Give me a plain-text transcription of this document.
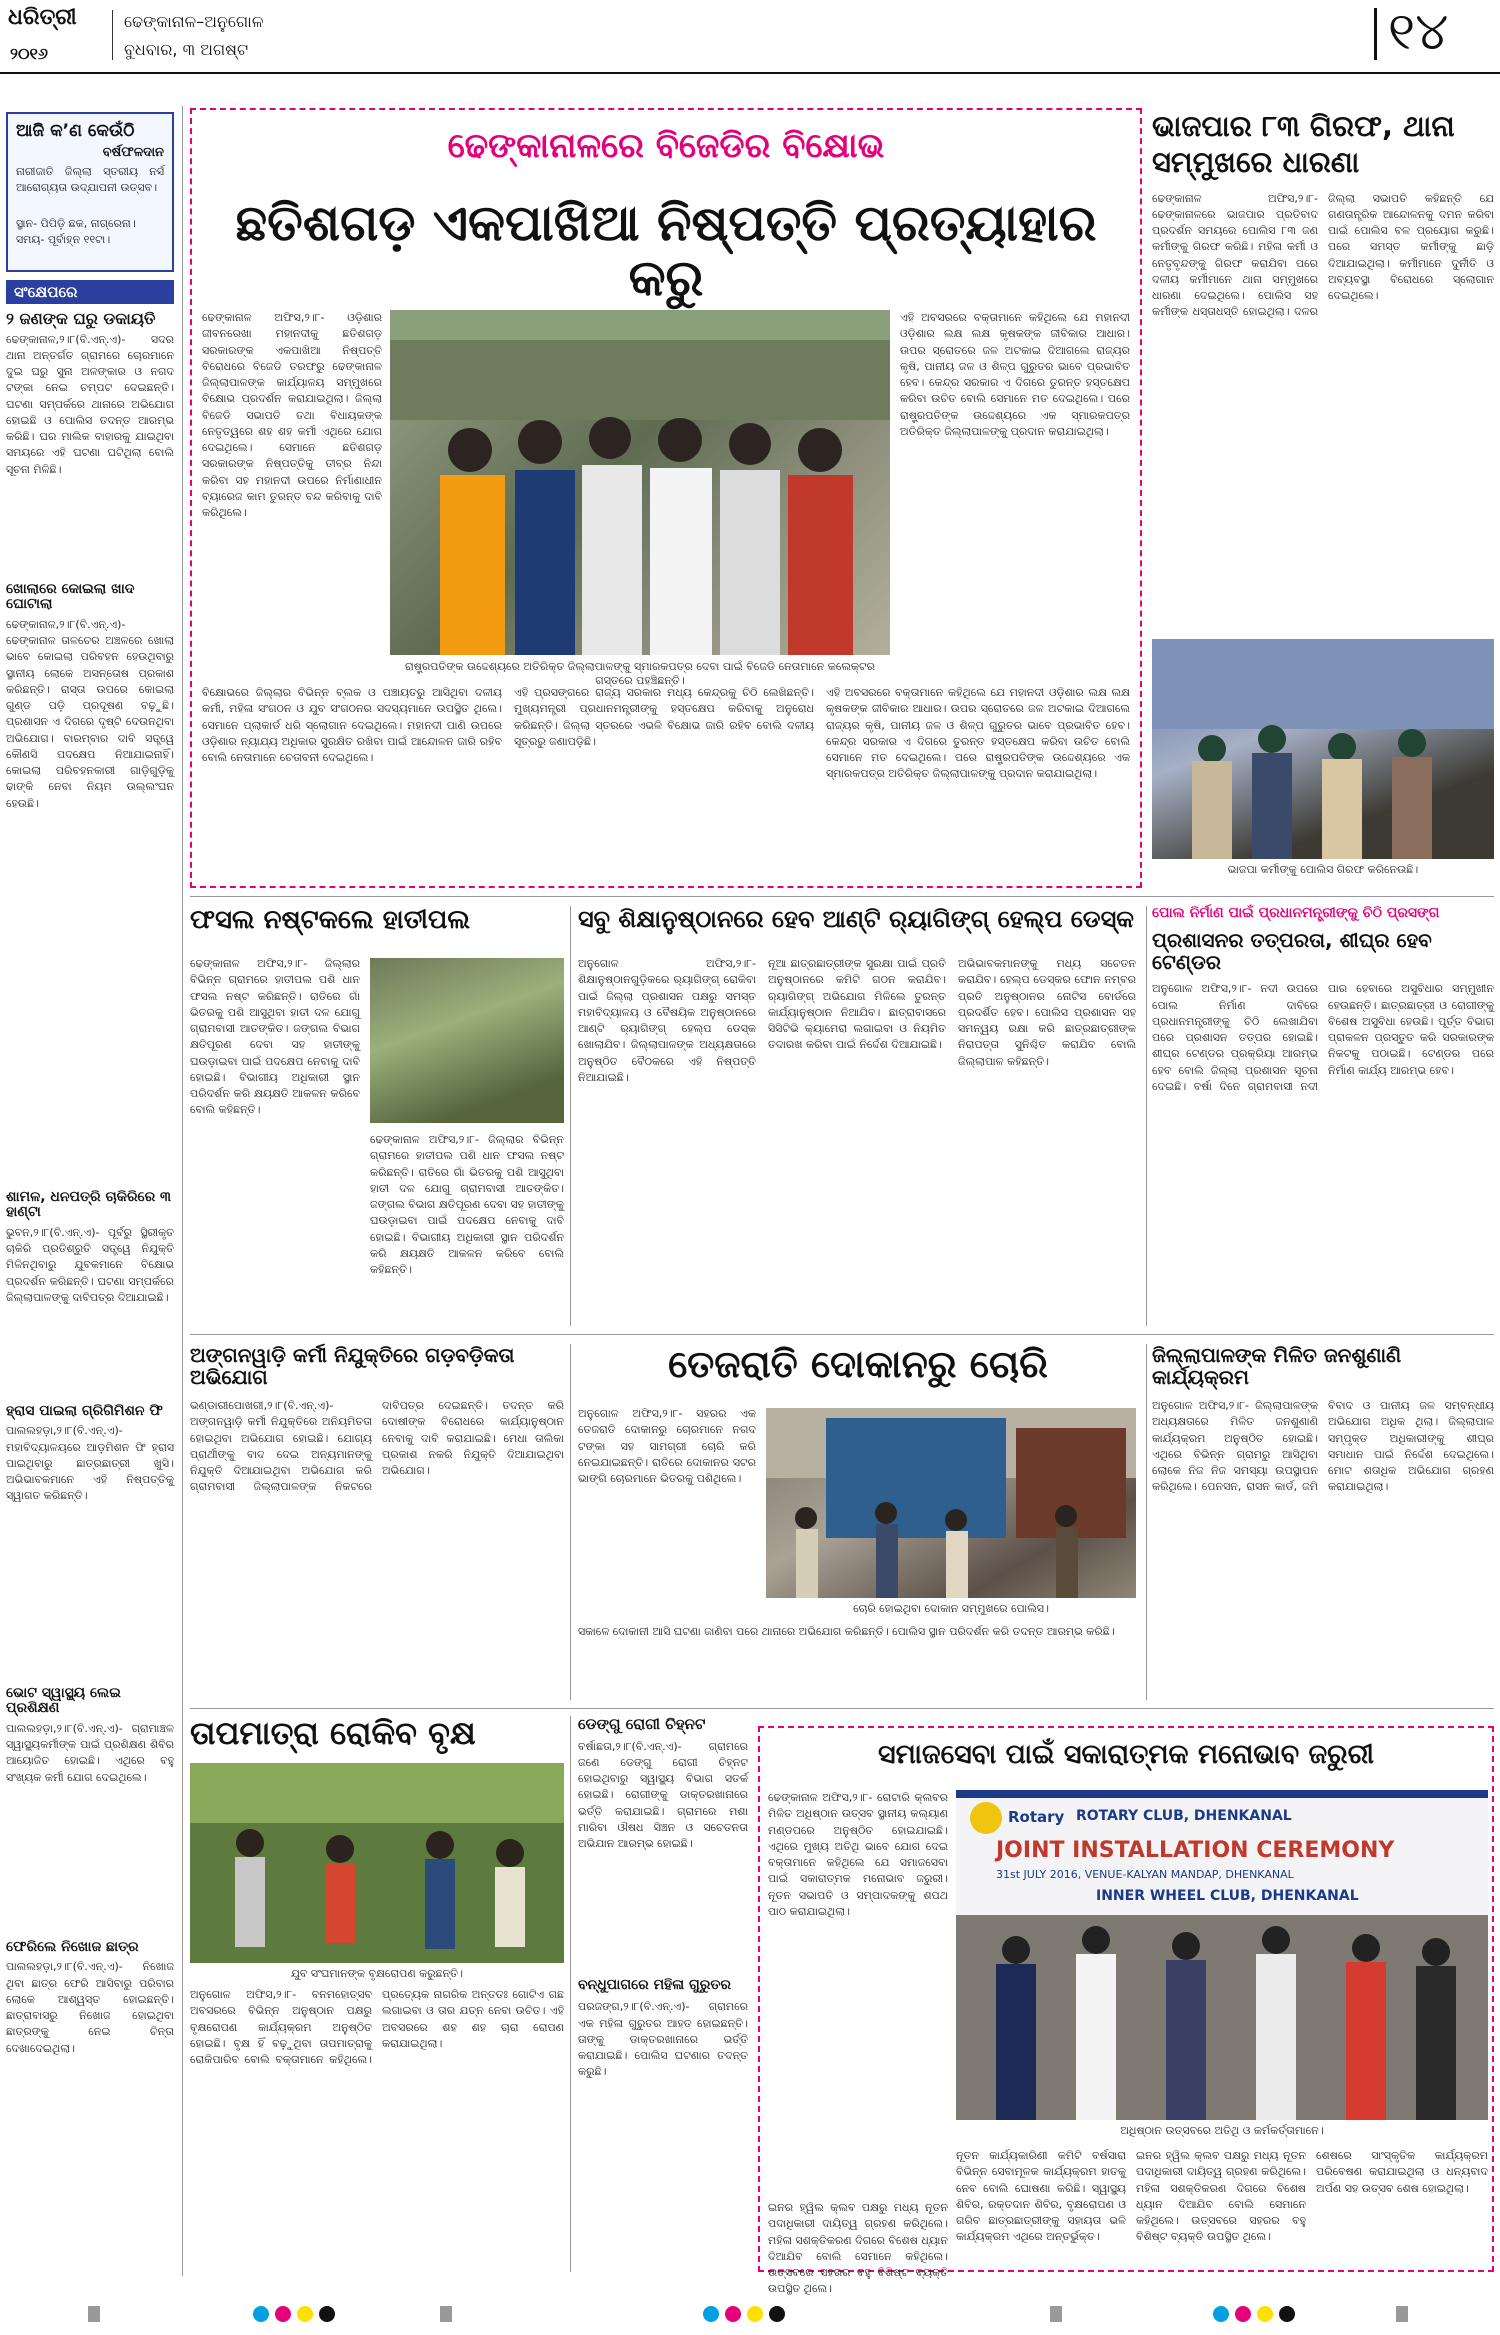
ଧରିତ୍ରୀ
୨୦୧୬
ଢେଙ୍କାନାଳ–ଅନୁଗୋଳ
ବୁଧବାର, ୩ ଅଗଷ୍ଟ	୧୪
ଆଜି କ’ଣ କେଉଁଠି
ବର୍ଷଫଳଦାନ
ନାରୀଜାତି ଜିଲ୍ଲା ସ୍ତରୀୟ ନର୍ସ ଆରୋଗ୍ୟତା ଉଦ୍ଯାପନୀ ଉତ୍ସବ।
ସ୍ଥାନ- ପିପିଡ଼ି ଛକ, ନାଗ୍ରେନା।
ସମୟ- ପୂର୍ବାହ୍ନ ୧୧ଟା।
ସଂକ୍ଷେପରେ
୨ ଜଣଙ୍କ ଘରୁ ଡକାୟତି
ଢେଙ୍କାନାଳ,୨।୮(ବି.ଏନ୍‌.ଏ)- ସଦର ଥାନା ଅନ୍ତର୍ଗତ ଗ୍ରାମରେ ଚୋରମାନେ ଦୁଇ ଘରୁ ସୁନା ଅଳଙ୍କାର ଓ ନଗଦ ଟଙ୍କା ନେଇ ଚମ୍ପଟ ଦେଇଛନ୍ତି। ଘଟଣା ସମ୍ପର୍କରେ ଥାନାରେ ଅଭିଯୋଗ ହୋଇଛି ଓ ପୋଲିସ ତଦନ୍ତ ଆରମ୍ଭ କରିଛି। ଘର ମାଲିକ ବାହାରକୁ ଯାଇଥିବା ସମୟରେ ଏହି ଘଟଣା ଘଟିଥିଲା ବୋଲି ସୂଚନା ମିଳିଛି।
ଖୋଲାରେ କୋଇଲା ଖାଦ ଘୋଟାଲା
ଢେଙ୍କାନାଳ,୨।୮(ବି.ଏନ୍‌.ଏ)- ଢେଙ୍କାନାଳ ତାଳଚେର ଅଞ୍ଚଳରେ ଖୋଲା ଭାବେ କୋଇଲା ପରିବହନ ହେଉଥିବାରୁ ସ୍ଥାନୀୟ ଲୋକେ ଅସନ୍ତୋଷ ପ୍ରକାଶ କରିଛନ୍ତି। ରାସ୍ତା ଉପରେ କୋଇଲା ଗୁଣ୍ଡ ପଡ଼ି ପ୍ରଦୂଷଣ ବଢ଼ୁଛି। ପ୍ରଶାସନ ଏ ଦିଗରେ ଦୃଷ୍ଟି ଦେଉନଥିବା ଅଭିଯୋଗ। ବାରମ୍ବାର ଦାବି ସତ୍ତ୍ୱେ କୌଣସି ପଦକ୍ଷେପ ନିଆଯାଇନାହିଁ। କୋଇଲା ପରିବହନକାରୀ ଗାଡ଼ିଗୁଡ଼ିକୁ ଢାଙ୍କି ନେବା ନିୟମ ଉଲ୍ଲଂଘନ ହେଉଛି।
ଶାମଳ, ଧନପତ୍ରି ଚାକିରିରେ ୩ ହାଣ୍ଟା
ଭୁବନ,୨।୮(ବି.ଏନ୍‌.ଏ)- ପୂର୍ବରୁ ସ୍ଥିରୀକୃତ ଚାକିରି ପ୍ରତିଶ୍ରୁତି ସତ୍ତ୍ୱେ ନିଯୁକ୍ତି ମିଳିନଥିବାରୁ ଯୁବକମାନେ ବିକ୍ଷୋଭ ପ୍ରଦର୍ଶନ କରିଛନ୍ତି। ଘଟଣା ସମ୍ପର୍କରେ ଜିଲ୍ଲାପାଳଙ୍କୁ ଦାବିପତ୍ର ଦିଆଯାଇଛି।
ହ୍ରାସ ପାଇଲା ଗ୍ରିଗିମିଶନ ଫି
ପାଲଲହଡ଼ା,୨।୮(ବି.ଏନ୍‌.ଏ)- ମହାବିଦ୍ୟାଳୟରେ ଆଡ଼ମିଶନ ଫି ହ୍ରାସ ପାଇଥିବାରୁ ଛାତ୍ରଛାତ୍ରୀ ଖୁସି। ଅଭିଭାବକମାନେ ଏହି ନିଷ୍ପତ୍ତିକୁ ସ୍ୱାଗତ କରିଛନ୍ତି।
ଭୋଟ ସ୍ୱାସ୍ଥ୍ୟ ଲେଇ ପ୍ରଶିକ୍ଷଣ
ପାଲଲହଡ଼ା,୨।୮(ବି.ଏନ୍‌.ଏ)- ଗ୍ରାମାଞ୍ଚଳ ସ୍ୱାସ୍ଥ୍ୟକର୍ମୀଙ୍କ ପାଇଁ ପ୍ରଶିକ୍ଷଣ ଶିବିର ଆୟୋଜିତ ହୋଇଛି। ଏଥିରେ ବହୁ ସଂଖ୍ୟକ କର୍ମୀ ଯୋଗ ଦେଇଥିଲେ।
ଫେରିଲେ ନିଖୋଜ ଛାତ୍ର
ପାଲଲହଡ଼ା,୨।୮(ବି.ଏନ୍‌.ଏ)- ନିଖୋଜ ଥିବା ଛାତ୍ର ଫେରି ଆସିବାରୁ ପରିବାର ଲୋକେ ଆଶ୍ୱସ୍ତ ହୋଇଛନ୍ତି। ଛାତ୍ରାବାସରୁ ନିଖୋଜ ହୋଇଥିବା ଛାତ୍ରଙ୍କୁ ନେଇ ଚିନ୍ତା ଦେଖାଦେଇଥିଲା।
ଢେଙ୍କାନାଳରେ ବିଜେଡିର ବିକ୍ଷୋଭ
ଛତିଶଗଡ଼ ଏକପାଖିଆ ନିଷ୍ପତ୍ତି ପ୍ରତ୍ୟାହାର କରୁ
ଢେଙ୍କାନାଳ ଅଫିସ,୨।୮- ଓଡ଼ିଶାର ଜୀବନରେଖା ମହାନଦୀକୁ ଛତିଶଗଡ଼ ସରକାରଙ୍କ ଏକପାଖିଆ ନିଷ୍ପତ୍ତି ବିରୋଧରେ ବିଜେଡି ତରଫରୁ ଢେଙ୍କାନାଳ ଜିଲ୍ଲାପାଳଙ୍କ କାର୍ଯ୍ୟାଳୟ ସମ୍ମୁଖରେ ବିକ୍ଷୋଭ ପ୍ରଦର୍ଶନ କରାଯାଇଥିଲା। ଜିଲ୍ଲା ବିଜେଡି ସଭାପତି ତଥା ବିଧାୟକଙ୍କ ନେତୃତ୍ୱରେ ଶହ ଶହ କର୍ମୀ ଏଥିରେ ଯୋଗ ଦେଇଥିଲେ। ସେମାନେ ଛତିଶଗଡ଼ ସରକାରଙ୍କ ନିଷ୍ପତ୍ତିକୁ ତୀବ୍ର ନିନ୍ଦା କରିବା ସହ ମହାନଦୀ ଉପରେ ନିର୍ମାଣାଧୀନ ବ୍ୟାରେଜ କାମ ତୁରନ୍ତ ବନ୍ଦ କରିବାକୁ ଦାବି କରିଥିଲେ।
ରାଷ୍ଟ୍ରପତିଙ୍କ ଉଦ୍ଦେଶ୍ୟରେ ଅତିରିକ୍ତ ଜିଲ୍ଲାପାଳଙ୍କୁ ସ୍ମାରକପତ୍ର ଦେବା ପାଇଁ ବିଜେଡି ନେତାମାନେ କଲେକ୍ଟର ଗସ୍ତରେ ପହଞ୍ଚିଛନ୍ତି।
ଏହି ଅବସରରେ ବକ୍ତାମାନେ କହିଥିଲେ ଯେ ମହାନଦୀ ଓଡ଼ିଶାର ଲକ୍ଷ ଲକ୍ଷ କୃଷକଙ୍କ ଜୀବିକାର ଆଧାର। ଉପର ସ୍ରୋତରେ ଜଳ ଅଟକାଇ ଦିଆଗଲେ ରାଜ୍ୟର କୃଷି, ପାନୀୟ ଜଳ ଓ ଶିଳ୍ପ ଗୁରୁତର ଭାବେ ପ୍ରଭାବିତ ହେବ। କେନ୍ଦ୍ର ସରକାର ଏ ଦିଗରେ ତୁରନ୍ତ ହସ୍ତକ୍ଷେପ କରିବା ଉଚିତ ବୋଲି ସେମାନେ ମତ ଦେଇଥିଲେ। ପରେ ରାଷ୍ଟ୍ରପତିଙ୍କ ଉଦ୍ଦେଶ୍ୟରେ ଏକ ସ୍ମାରକପତ୍ର ଅତିରିକ୍ତ ଜିଲ୍ଲାପାଳଙ୍କୁ ପ୍ରଦାନ କରାଯାଇଥିଲା।
ବିକ୍ଷୋଭରେ ଜିଲ୍ଲାର ବିଭିନ୍ନ ବ୍ଲକ ଓ ପଞ୍ଚାୟତରୁ ଆସିଥିବା ଦଳୀୟ କର୍ମୀ, ମହିଳା ସଂଗଠନ ଓ ଯୁବ ସଂଗଠନର ସଦସ୍ୟମାନେ ଉପସ୍ଥିତ ଥିଲେ। ସେମାନେ ପ୍ଲାକାର୍ଡ ଧରି ସ୍ଲୋଗାନ ଦେଇଥିଲେ। ମହାନଦୀ ପାଣି ଉପରେ ଓଡ଼ିଶାର ନ୍ୟାଯ୍ୟ ଅଧିକାର ସୁରକ୍ଷିତ ରଖିବା ପାଇଁ ଆନ୍ଦୋଳନ ଜାରି ରହିବ ବୋଲି ନେତାମାନେ ଚେତାବନୀ ଦେଇଥିଲେ।
ଏହି ପ୍ରସଙ୍ଗରେ ରାଜ୍ୟ ସରକାର ମଧ୍ୟ କେନ୍ଦ୍ରକୁ ଚିଠି ଲେଖିଛନ୍ତି। ମୁଖ୍ୟମନ୍ତ୍ରୀ ପ୍ରଧାନମନ୍ତ୍ରୀଙ୍କୁ ହସ୍ତକ୍ଷେପ କରିବାକୁ ଅନୁରୋଧ କରିଛନ୍ତି। ଜିଲ୍ଲା ସ୍ତରରେ ଏଭଳି ବିକ୍ଷୋଭ ଜାରି ରହିବ ବୋଲି ଦଳୀୟ ସୂତ୍ରରୁ ଜଣାପଡ଼ିଛି।
ଏହି ଅବସରରେ ବକ୍ତାମାନେ କହିଥିଲେ ଯେ ମହାନଦୀ ଓଡ଼ିଶାର ଲକ୍ଷ ଲକ୍ଷ କୃଷକଙ୍କ ଜୀବିକାର ଆଧାର। ଉପର ସ୍ରୋତରେ ଜଳ ଅଟକାଇ ଦିଆଗଲେ ରାଜ୍ୟର କୃଷି, ପାନୀୟ ଜଳ ଓ ଶିଳ୍ପ ଗୁରୁତର ଭାବେ ପ୍ରଭାବିତ ହେବ। କେନ୍ଦ୍ର ସରକାର ଏ ଦିଗରେ ତୁରନ୍ତ ହସ୍ତକ୍ଷେପ କରିବା ଉଚିତ ବୋଲି ସେମାନେ ମତ ଦେଇଥିଲେ। ପରେ ରାଷ୍ଟ୍ରପତିଙ୍କ ଉଦ୍ଦେଶ୍ୟରେ ଏକ ସ୍ମାରକପତ୍ର ଅତିରିକ୍ତ ଜିଲ୍ଲାପାଳଙ୍କୁ ପ୍ରଦାନ କରାଯାଇଥିଲା।
ଭାଜପାର ୮୩ ଗିରଫ, ଥାନା ସମ୍ମୁଖରେ ଧାରଣା
ଢେଙ୍କାନାଳ ଅଫିସ,୨।୮- ଢେଙ୍କାନାଳରେ ଭାଜପାର ପ୍ରତିବାଦ ପ୍ରଦର୍ଶନ ସମୟରେ ପୋଲିସ ୮୩ ଜଣ କର୍ମୀଙ୍କୁ ଗିରଫ କରିଛି। ମହିଳା କର୍ମୀ ଓ ନେତୃବୃନ୍ଦଙ୍କୁ ଗିରଫ କରାଯିବା ପରେ ଦଳୀୟ କର୍ମୀମାନେ ଥାନା ସମ୍ମୁଖରେ ଧାରଣା ଦେଇଥିଲେ। ପୋଲିସ ସହ କର୍ମୀଙ୍କ ଧସ୍ତାଧସ୍ତି ହୋଇଥିଲା। ଦଳର ଜିଲ୍ଲା ସଭାପତି କହିଛନ୍ତି ଯେ ଗଣତାନ୍ତ୍ରିକ ଆନ୍ଦୋଳନକୁ ଦମନ କରିବା ପାଇଁ ପୋଲିସ ବଳ ପ୍ରୟୋଗ କରୁଛି। ପରେ ସମସ୍ତ କର୍ମୀଙ୍କୁ ଛାଡ଼ି ଦିଆଯାଇଥିଲା। କର୍ମୀମାନେ ଦୁର୍ନୀତି ଓ ଅବ୍ୟବସ୍ଥା ବିରୋଧରେ ସ୍ଲୋଗାନ ଦେଇଥିଲେ।
ଭାଜପା କର୍ମୀଙ୍କୁ ପୋଲିସ ଗିରଫ କରିନେଉଛି।
ଫସଲ ନଷ୍ଟକଲେ ହାତୀପଲ
ଢେଙ୍କାନାଳ ଅଫିସ,୨।୮- ଜିଲ୍ଲାର ବିଭିନ୍ନ ଗ୍ରାମରେ ହାତୀପଲ ପଶି ଧାନ ଫସଲ ନଷ୍ଟ କରିଛନ୍ତି। ରାତିରେ ଗାଁ ଭିତରକୁ ପଶି ଆସୁଥିବା ହାତୀ ଦଳ ଯୋଗୁ ଗ୍ରାମବାସୀ ଆତଙ୍କିତ। ଜଙ୍ଗଲ ବିଭାଗ କ୍ଷତିପୂରଣ ଦେବା ସହ ହାତୀଙ୍କୁ ଘଉଡ଼ାଇବା ପାଇଁ ପଦକ୍ଷେପ ନେବାକୁ ଦାବି ହୋଇଛି। ବିଭାଗୀୟ ଅଧିକାରୀ ସ୍ଥାନ ପରିଦର୍ଶନ କରି କ୍ଷୟକ୍ଷତି ଆକଳନ କରିବେ ବୋଲି କହିଛନ୍ତି।
ଢେଙ୍କାନାଳ ଅଫିସ,୨।୮- ଜିଲ୍ଲାର ବିଭିନ୍ନ ଗ୍ରାମରେ ହାତୀପଲ ପଶି ଧାନ ଫସଲ ନଷ୍ଟ କରିଛନ୍ତି। ରାତିରେ ଗାଁ ଭିତରକୁ ପଶି ଆସୁଥିବା ହାତୀ ଦଳ ଯୋଗୁ ଗ୍ରାମବାସୀ ଆତଙ୍କିତ। ଜଙ୍ଗଲ ବିଭାଗ କ୍ଷତିପୂରଣ ଦେବା ସହ ହାତୀଙ୍କୁ ଘଉଡ଼ାଇବା ପାଇଁ ପଦକ୍ଷେପ ନେବାକୁ ଦାବି ହୋଇଛି। ବିଭାଗୀୟ ଅଧିକାରୀ ସ୍ଥାନ ପରିଦର୍ଶନ କରି କ୍ଷୟକ୍ଷତି ଆକଳନ କରିବେ ବୋଲି କହିଛନ୍ତି।
ସବୁ ଶିକ୍ଷାନୁଷ୍ଠାନରେ ହେବ ଆଣ୍ଟି ର‍୍ୟାଗିଙ୍ଗ୍ ହେଲ୍ପ ଡେସ୍କ
ଅନୁଗୋଳ ଅଫିସ,୨।୮- ଶିକ୍ଷାନୁଷ୍ଠାନଗୁଡ଼ିକରେ ର‍୍ୟାଗିଙ୍ଗ୍ ରୋକିବା ପାଇଁ ଜିଲ୍ଲା ପ୍ରଶାସନ ପକ୍ଷରୁ ସମସ୍ତ ମହାବିଦ୍ୟାଳୟ ଓ ବୈଷୟିକ ଅନୁଷ୍ଠାନରେ ଆଣ୍ଟି ର‍୍ୟାଗିଙ୍ଗ୍ ହେଲ୍ପ ଡେସ୍କ ଖୋଲାଯିବ। ଜିଲ୍ଲାପାଳଙ୍କ ଅଧ୍ୟକ୍ଷତାରେ ଅନୁଷ୍ଠିତ ବୈଠକରେ ଏହି ନିଷ୍ପତ୍ତି ନିଆଯାଇଛି।
ନୂଆ ଛାତ୍ରଛାତ୍ରୀଙ୍କ ସୁରକ୍ଷା ପାଇଁ ପ୍ରତି ଅନୁଷ୍ଠାନରେ କମିଟି ଗଠନ କରାଯିବ। ର‍୍ୟାଗିଙ୍ଗ୍ ଅଭିଯୋଗ ମିଳିଲେ ତୁରନ୍ତ କାର୍ଯ୍ୟାନୁଷ୍ଠାନ ନିଆଯିବ। ଛାତ୍ରାବାସରେ ସିସିଟିଭି କ୍ୟାମେରା ଲଗାଇବା ଓ ନିୟମିତ ତଦାରଖ କରିବା ପାଇଁ ନିର୍ଦ୍ଦେଶ ଦିଆଯାଇଛି।
ଅଭିଭାବକମାନଙ୍କୁ ମଧ୍ୟ ସଚେତନ କରାଯିବ। ହେଲ୍ପ ଡେସ୍କର ଫୋନ ନମ୍ବର ପ୍ରତି ଅନୁଷ୍ଠାନର ନୋଟିସ ବୋର୍ଡରେ ପ୍ରଦର୍ଶିତ ହେବ। ପୋଲିସ ପ୍ରଶାସନ ସହ ସମନ୍ୱୟ ରକ୍ଷା କରି ଛାତ୍ରଛାତ୍ରୀଙ୍କ ନିରାପତ୍ତା ସୁନିଶ୍ଚିତ କରାଯିବ ବୋଲି ଜିଲ୍ଲାପାଳ କହିଛନ୍ତି।
ପୋଲ ନିର୍ମାଣ ପାଇଁ ପ୍ରଧାନମନ୍ତ୍ରୀଙ୍କୁ ଚିଠି ପ୍ରସଙ୍ଗ
ପ୍ରଶାସନର ତତ୍ପରତା, ଶୀଘ୍ର ହେବ ଟେଣ୍ଡର
ଅନୁଗୋଳ ଅଫିସ,୨।୮- ନଦୀ ଉପରେ ପୋଲ ନିର୍ମାଣ ଦାବିରେ ପ୍ରଧାନମନ୍ତ୍ରୀଙ୍କୁ ଚିଠି ଲେଖାଯିବା ପରେ ପ୍ରଶାସନ ତତ୍ପର ହୋଇଛି। ଶୀଘ୍ର ଟେଣ୍ଡର ପ୍ରକ୍ରିୟା ଆରମ୍ଭ ହେବ ବୋଲି ଜିଲ୍ଲା ପ୍ରଶାସନ ସୂଚନା ଦେଇଛି। ବର୍ଷା ଦିନେ ଗ୍ରାମବାସୀ ନଦୀ ପାର ହେବାରେ ଅସୁବିଧାର ସମ୍ମୁଖୀନ ହେଉଛନ୍ତି। ଛାତ୍ରଛାତ୍ରୀ ଓ ରୋଗୀଙ୍କୁ ବିଶେଷ ଅସୁବିଧା ହେଉଛି। ପୂର୍ତ୍ତ ବିଭାଗ ପ୍ରାକଳନ ପ୍ରସ୍ତୁତ କରି ସରକାରଙ୍କ ନିକଟକୁ ପଠାଇଛି। ଟେଣ୍ଡର ପରେ ନିର୍ମାଣ କାର୍ଯ୍ୟ ଆରମ୍ଭ ହେବ।
ଅଙ୍ଗନୱାଡ଼ି କର୍ମୀ ନିଯୁକ୍ତିରେ ଗଡ଼ବଡ଼ିକତା ଅଭିଯୋଗ
ଭଣ୍ଡାରୀପୋଖରୀ,୨।୮(ବି.ଏନ୍‌.ଏ)- ଅଙ୍ଗନୱାଡ଼ି କର୍ମୀ ନିଯୁକ୍ତିରେ ଅନିୟମିତତା ହୋଇଥିବା ଅଭିଯୋଗ ହୋଇଛି। ଯୋଗ୍ୟ ପ୍ରାର୍ଥୀଙ୍କୁ ବାଦ ଦେଇ ଅନ୍ୟମାନଙ୍କୁ ନିଯୁକ୍ତି ଦିଆଯାଇଥିବା ଅଭିଯୋଗ କରି ଗ୍ରାମବାସୀ ଜିଲ୍ଲାପାଳଙ୍କ ନିକଟରେ ଦାବିପତ୍ର ଦେଇଛନ୍ତି। ତଦନ୍ତ କରି ଦୋଷୀଙ୍କ ବିରୋଧରେ କାର୍ଯ୍ୟାନୁଷ୍ଠାନ ନେବାକୁ ଦାବି କରାଯାଇଛି। ମେଧା ତାଲିକା ପ୍ରକାଶ ନକରି ନିଯୁକ୍ତି ଦିଆଯାଇଥିବା ଅଭିଯୋଗ।
ତେଜରାତି ଦୋକାନରୁ ଚୋରି
ଅନୁଗୋଳ ଅଫିସ,୨।୮- ସହରର ଏକ ତେଜରାତି ଦୋକାନରୁ ଚୋରମାନେ ନଗଦ ଟଙ୍କା ସହ ସାମଗ୍ରୀ ଚୋରି କରି ନେଇଯାଇଛନ୍ତି। ରାତିରେ ଦୋକାନର ସଟର ଭାଙ୍ଗି ଚୋରମାନେ ଭିତରକୁ ପଶିଥିଲେ।
ଚୋରି ହୋଇଥିବା ଦୋକାନ ସମ୍ମୁଖରେ ପୋଲିସ।
ସକାଳେ ଦୋକାନୀ ଆସି ଘଟଣା ଜାଣିବା ପରେ ଥାନାରେ ଅଭିଯୋଗ କରିଛନ୍ତି। ପୋଲିସ ସ୍ଥାନ ପରିଦର୍ଶନ କରି ତଦନ୍ତ ଆରମ୍ଭ କରିଛି।
ଜିଲ୍ଲାପାଳଙ୍କ ମିଳିତ ଜନଶୁଣାଣି କାର୍ଯ୍ୟକ୍ରମ
ଅନୁଗୋଳ ଅଫିସ,୨।୮- ଜିଲ୍ଲାପାଳଙ୍କ ଅଧ୍ୟକ୍ଷତାରେ ମିଳିତ ଜନଶୁଣାଣି କାର୍ଯ୍ୟକ୍ରମ ଅନୁଷ୍ଠିତ ହୋଇଛି। ଏଥିରେ ବିଭିନ୍ନ ଗ୍ରାମରୁ ଆସିଥିବା ଲୋକେ ନିଜ ନିଜ ସମସ୍ୟା ଉପସ୍ଥାପନ କରିଥିଲେ। ପେନସନ, ରାସନ କାର୍ଡ, ଜମି ବିବାଦ ଓ ପାନୀୟ ଜଳ ସମ୍ବନ୍ଧୀୟ ଅଭିଯୋଗ ଅଧିକ ଥିଲା। ଜିଲ୍ଲାପାଳ ସମ୍ପୃକ୍ତ ଅଧିକାରୀଙ୍କୁ ଶୀଘ୍ର ସମାଧାନ ପାଇଁ ନିର୍ଦ୍ଦେଶ ଦେଇଥିଲେ। ମୋଟ ଶତାଧିକ ଅଭିଯୋଗ ଗ୍ରହଣ କରାଯାଇଥିଲା।
ତାପମାତ୍ରା ରୋକିବ ବୃକ୍ଷ
ଯୁବ ସଂଘମାନଙ୍କ ବୃକ୍ଷରୋପଣ କରୁଛନ୍ତି।
ଅନୁଗୋଳ ଅଫିସ,୨।୮- ବନମହୋତ୍ସବ ଅବସରରେ ବିଭିନ୍ନ ଅନୁଷ୍ଠାନ ପକ୍ଷରୁ ବୃକ୍ଷରୋପଣ କାର୍ଯ୍ୟକ୍ରମ ଅନୁଷ୍ଠିତ ହୋଇଛି। ବୃକ୍ଷ ହିଁ ବଢ଼ୁଥିବା ତାପମାତ୍ରାକୁ ରୋକିପାରିବ ବୋଲି ବକ୍ତାମାନେ କହିଥିଲେ। ପ୍ରତ୍ୟେକ ନାଗରିକ ଅନ୍ତତଃ ଗୋଟିଏ ଗଛ ଲଗାଇବା ଓ ତାର ଯତ୍ନ ନେବା ଉଚିତ। ଏହି ଅବସରରେ ଶହ ଶହ ଚାରା ରୋପଣ କରାଯାଇଥିଲା।
ଡେଙ୍ଗୁ ରୋଗୀ ଚିହ୍ନଟ
ବର୍ଷାଛତା,୨।୮(ବି.ଏନ୍‌.ଏ)- ଗ୍ରାମରେ ଜଣେ ଡେଙ୍ଗୁ ରୋଗୀ ଚିହ୍ନଟ ହୋଇଥିବାରୁ ସ୍ୱାସ୍ଥ୍ୟ ବିଭାଗ ସତର୍କ ହୋଇଛି। ରୋଗୀଙ୍କୁ ଡାକ୍ତରଖାନାରେ ଭର୍ତ୍ତି କରାଯାଇଛି। ଗ୍ରାମରେ ମଶା ମାରିବା ଔଷଧ ସିଞ୍ଚନ ଓ ସଚେତନତା ଅଭିଯାନ ଆରମ୍ଭ ହୋଇଛି।
ବନ୍ଧୁପାଗରେ ମହିଳା ଗୁରୁତର
ପରଜଙ୍ଗ,୨।୮(ବି.ଏନ୍‌.ଏ)- ଗ୍ରାମରେ ଏକ ମହିଳା ଗୁରୁତର ଆହତ ହୋଇଛନ୍ତି। ତାଙ୍କୁ ଡାକ୍ତରଖାନାରେ ଭର୍ତ୍ତି କରାଯାଇଛି। ପୋଲିସ ଘଟଣାର ତଦନ୍ତ କରୁଛି।
ସମାଜସେବା ପାଇଁ ସକାରାତ୍ମକ ମନୋଭାବ ଜରୁରୀ
ଢେଙ୍କାନାଳ ଅଫିସ,୨।୮- ରୋଟାରି କ୍ଲବର ମିଳିତ ଅଧିଷ୍ଠାନ ଉତ୍ସବ ସ୍ଥାନୀୟ କଲ୍ୟାଣ ମଣ୍ଡପରେ ଅନୁଷ୍ଠିତ ହୋଇଯାଇଛି। ଏଥିରେ ମୁଖ୍ୟ ଅତିଥି ଭାବେ ଯୋଗ ଦେଇ ବକ୍ତାମାନେ କହିଥିଲେ ଯେ ସମାଜସେବା ପାଇଁ ସକାରାତ୍ମକ ମନୋଭାବ ଜରୁରୀ। ନୂତନ ସଭାପତି ଓ ସମ୍ପାଦକଙ୍କୁ ଶପଥ ପାଠ କରାଯାଇଥିଲା।
Rotary ROTARY CLUB, DHENKANAL
JOINT INSTALLATION CEREMONY
31st JULY 2016, VENUE-KALYAN MANDAP, DHENKANAL
INNER WHEEL CLUB, DHENKANAL
ଅଧିଷ୍ଠାନ ଉତ୍ସବରେ ଅତିଥି ଓ କର୍ମକର୍ତ୍ତାମାନେ।
ନୂତନ କାର୍ଯ୍ୟକାରିଣୀ କମିଟି ବର୍ଷସାରା ବିଭିନ୍ନ ସେବାମୂଳକ କାର୍ଯ୍ୟକ୍ରମ ହାତକୁ ନେବ ବୋଲି ଘୋଷଣା କରିଛି। ସ୍ୱାସ୍ଥ୍ୟ ଶିବିର, ରକ୍ତଦାନ ଶିବିର, ବୃକ୍ଷରୋପଣ ଓ ଗରିବ ଛାତ୍ରଛାତ୍ରୀଙ୍କୁ ସହାୟତା ଭଳି କାର୍ଯ୍ୟକ୍ରମ ଏଥିରେ ଅନ୍ତର୍ଭୁକ୍ତ।
ଇନର ହ୍ୱିଲ କ୍ଲବ ପକ୍ଷରୁ ମଧ୍ୟ ନୂତନ ପଦାଧିକାରୀ ଦାୟିତ୍ୱ ଗ୍ରହଣ କରିଥିଲେ। ମହିଳା ସଶକ୍ତିକରଣ ଦିଗରେ ବିଶେଷ ଧ୍ୟାନ ଦିଆଯିବ ବୋଲି ସେମାନେ କହିଥିଲେ। ଉତ୍ସବରେ ସହରର ବହୁ ବିଶିଷ୍ଟ ବ୍ୟକ୍ତି ଉପସ୍ଥିତ ଥିଲେ।
ଶେଷରେ ସାଂସ୍କୃତିକ କାର୍ଯ୍ୟକ୍ରମ ପରିବେଷଣ କରାଯାଇଥିଲା ଓ ଧନ୍ୟବାଦ ଅର୍ପଣ ସହ ଉତ୍ସବ ଶେଷ ହୋଇଥିଲା।
ଇନର ହ୍ୱିଲ କ୍ଲବ ପକ୍ଷରୁ ମଧ୍ୟ ନୂତନ ପଦାଧିକାରୀ ଦାୟିତ୍ୱ ଗ୍ରହଣ କରିଥିଲେ। ମହିଳା ସଶକ୍ତିକରଣ ଦିଗରେ ବିଶେଷ ଧ୍ୟାନ ଦିଆଯିବ ବୋଲି ସେମାନେ କହିଥିଲେ। ଉତ୍ସବରେ ସହରର ବହୁ ବିଶିଷ୍ଟ ବ୍ୟକ୍ତି ଉପସ୍ଥିତ ଥିଲେ।
